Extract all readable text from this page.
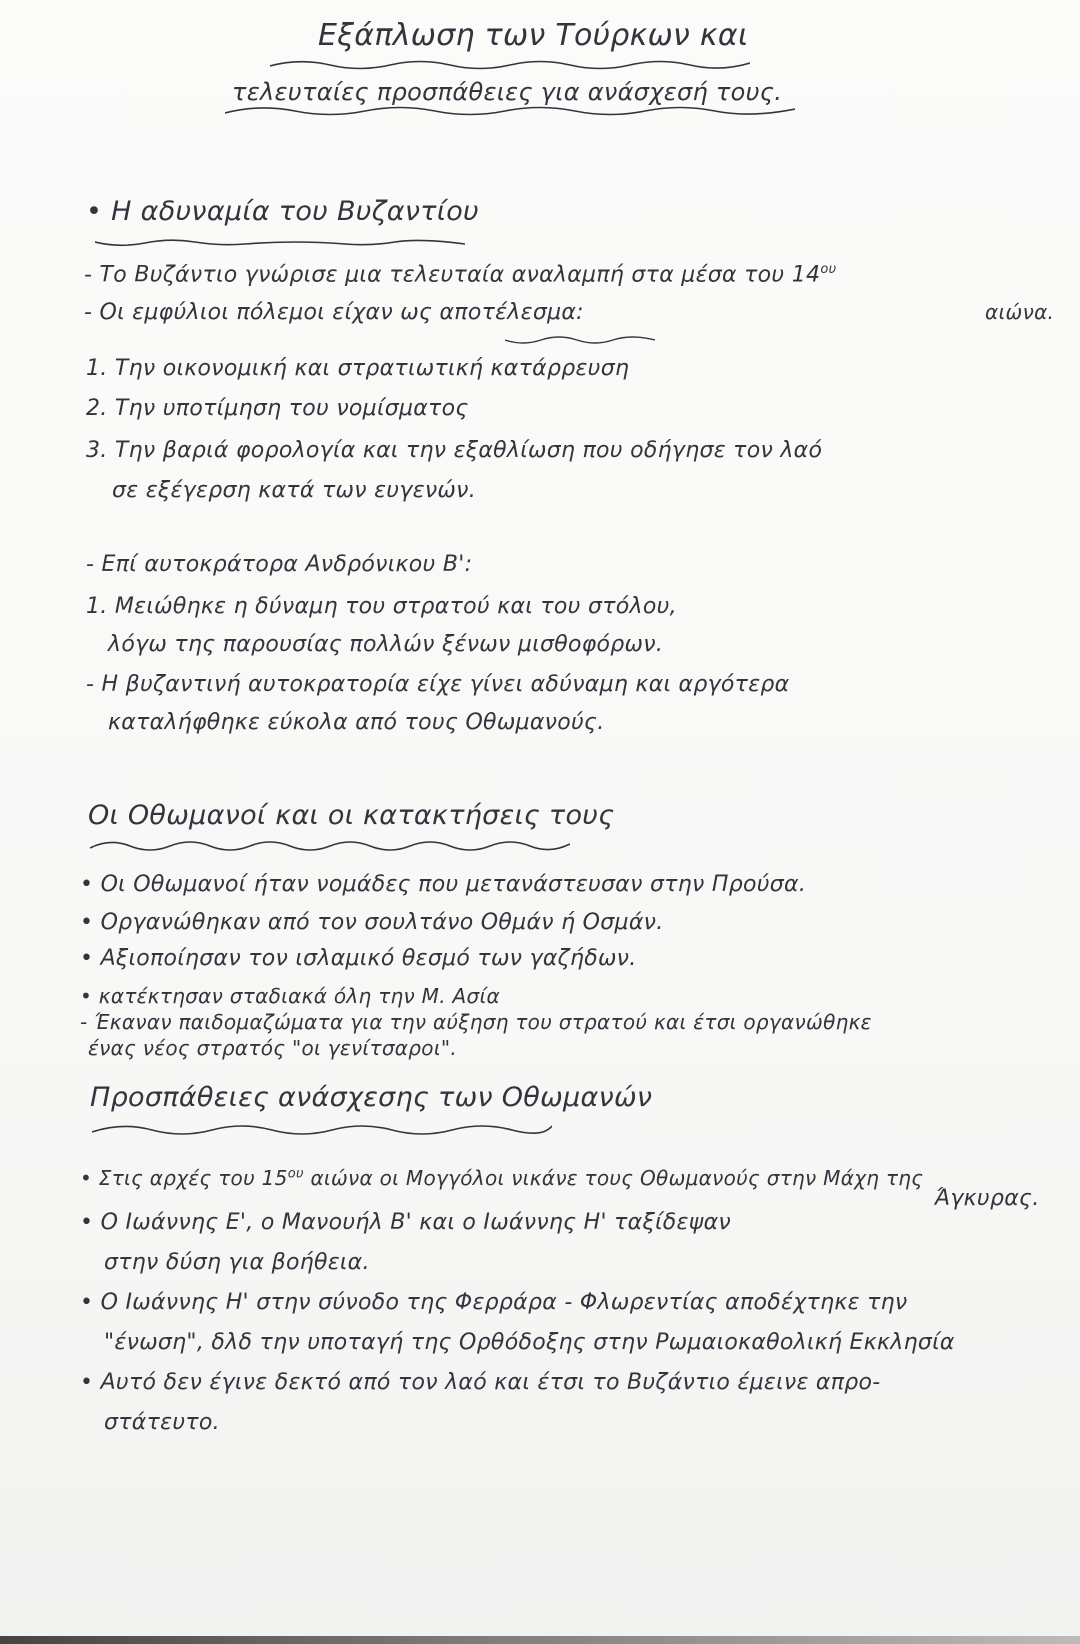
Εξάπλωση των Τούρκων και
τελευταίες προσπάθειες για ανάσχεσή τους.
• Η αδυναμία του Βυζαντίου
- Το Βυζάντιο γνώρισε μια τελευταία αναλαμπή στα μέσα του $14^{o\upsilon}$
αιώνα.
- Οι εμφύλιοι πόλεμοι είχαν ως αποτέλεσμα:
1. Την οικονομική και στρατιωτική κατάρρευση
2. Την υποτίμηση του νομίσματος
3. Την βαριά φορολογία και την εξαθλίωση που οδήγησε τον λαό
σε εξέγερση κατά των ευγενών.
- Επί αυτοκράτορα Ανδρόνικου Β':
1. Μειώθηκε η δύναμη του στρατού και του στόλου,
λόγω της παρουσίας πολλών ξένων μισθοφόρων.
- Η βυζαντινή αυτοκρατορία είχε γίνει αδύναμη και αργότερα
καταλήφθηκε εύκολα από τους Οθωμανούς.
Οι Οθωμανοί και οι κατακτήσεις τους
• Οι Οθωμανοί ήταν νομάδες που μετανάστευσαν στην Προύσα.
• Οργανώθηκαν από τον σουλτάνο Οθμάν ή Οσμάν.
• Αξιοποίησαν τον ισλαμικό θεσμό των γαζήδων.
• κατέκτησαν σταδιακά όλη την Μ. Ασία
- Έκαναν παιδομαζώματα για την αύξηση του στρατού και έτσι οργανώθηκε
ένας νέος στρατός "οι γενίτσαροι".
Προσπάθειες ανάσχεσης των Οθωμανών
• Στις αρχές του $15^{o\upsilon}$ αιώνα οι Μογγόλοι νικάνε τους Οθωμανούς στην Μάχη της
Άγκυρας.
• Ο Ιωάννης Ε', ο Μανουήλ Β' και ο Ιωάννης Η' ταξίδεψαν
στην δύση για βοήθεια.
• Ο Ιωάννης Η' στην σύνοδο της Φερράρα - Φλωρεντίας αποδέχτηκε την
"ένωση", δλδ την υποταγή της Ορθόδοξης στην Ρωμαιοκαθολική Εκκλησία
• Αυτό δεν έγινε δεκτό από τον λαό και έτσι το Βυζάντιο έμεινε απρο-
στάτευτο.
